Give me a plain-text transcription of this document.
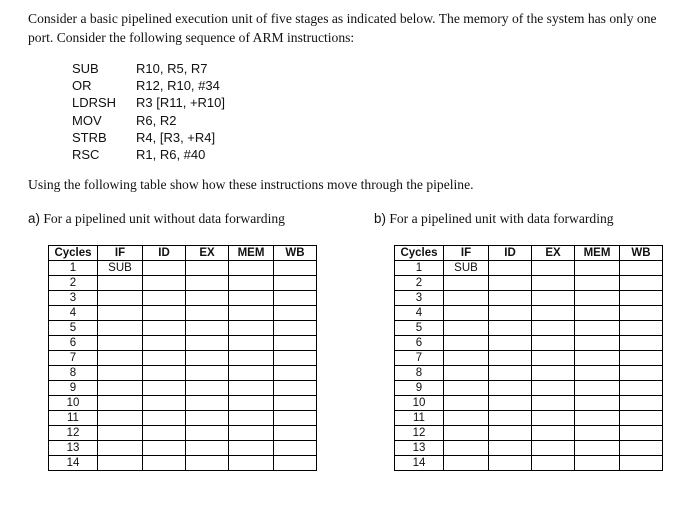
Consider a basic pipelined execution unit of five stages as indicated below. The memory of the system has only one port. Consider the following sequence of ARM instructions:
SUB	R10, R5, R7
OR	R12, R10, #34
LDRSH	R3 [R11, +R10]
MOV	R6, R2
STRB	R4, [R3, +R4]
RSC	R1, R6, #40
Using the following table show how these instructions move through the pipeline.
a) For a pipelined unit without data forwarding	b) For a pipelined unit with data forwarding
Cycles	IF	ID	EX	MEM	WB
1	SUB				
2					
3					
4					
5					
6					
7					
8					
9					
10					
11					
12					
13					
14					
Cycles	IF	ID	EX	MEM	WB
1	SUB				
2					
3					
4					
5					
6					
7					
8					
9					
10					
11					
12					
13					
14					
